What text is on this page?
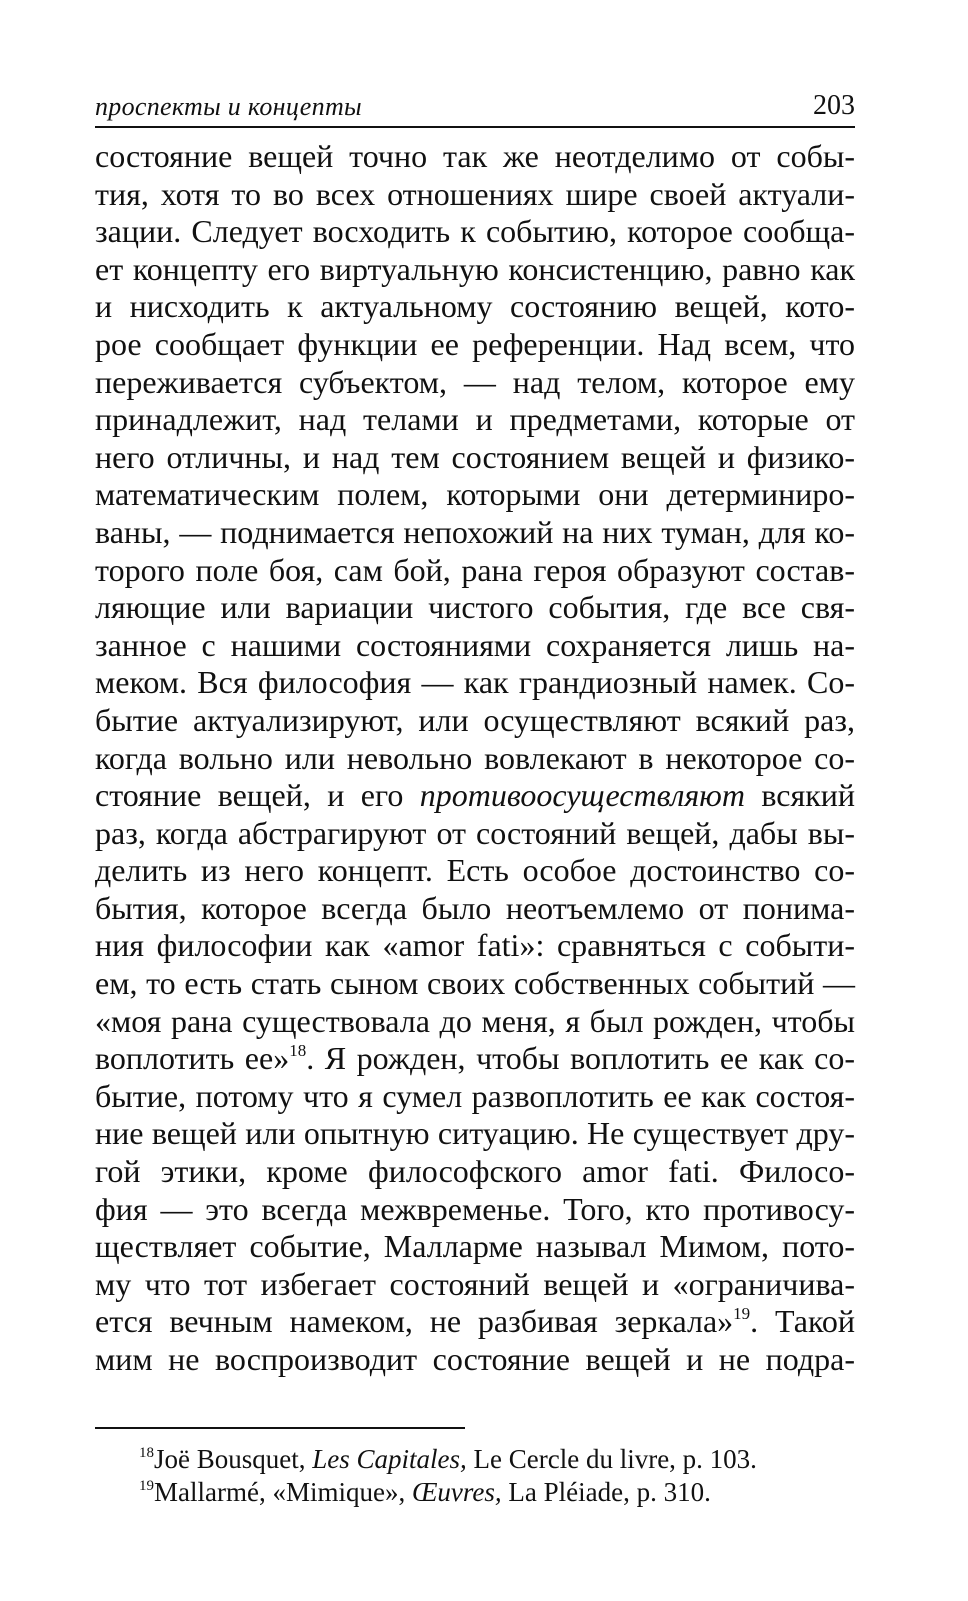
проспекты и концепты	203
состояние вещей точно так же неотделимо от собы-
тия, хотя то во всех отношениях шире своей актуали-
зации. Следует восходить к событию, которое сообща-
ет концепту его виртуальную консистенцию, равно как
и нисходить к актуальному состоянию вещей, кото-
рое сообщает функции ее референции. Над всем, что
переживается субъектом, — над телом, которое ему
принадлежит, над телами и предметами, которые от
него отличны, и над тем состоянием вещей и физико-
математическим полем, которыми они детерминиро-
ваны, — поднимается непохожий на них туман, для ко-
торого поле боя, сам бой, рана героя образуют состав-
ляющие или вариации чистого события, где все свя-
занное с нашими состояниями сохраняется лишь на-
меком. Вся философия — как грандиозный намек. Со-
бытие актуализируют, или осуществляют всякий раз,
когда вольно или невольно вовлекают в некоторое со-
стояние вещей, и его противоосуществляют всякий
раз, когда абстрагируют от состояний вещей, дабы вы-
делить из него концепт. Есть особое достоинство со-
бытия, которое всегда было неотъемлемо от понима-
ния философии как «amor fati»: сравняться с событи-
ем, то есть стать сыном своих собственных событий —
«моя рана существовала до меня, я был рожден, чтобы
воплотить ее»$^{18}$. Я рожден, чтобы воплотить ее как со-
бытие, потому что я сумел развоплотить ее как состоя-
ние вещей или опытную ситуацию. Не существует дру-
гой этики, кроме философского amor fati. Филосо-
фия — это всегда межвременье. Того, кто противосу-
ществляет событие, Малларме называл Мимом, пото-
му что тот избегает состояний вещей и «ограничива-
ется вечным намеком, не разбивая зеркала»$^{19}$. Такой
мим не воспроизводит состояние вещей и не подра-
$^{18}$Joë Bousquet, Les Capitales, Le Cercle du livre, p. 103.
$^{19}$Mallarmé, «Mimique», Œuvres, La Pléiade, p. 310.
